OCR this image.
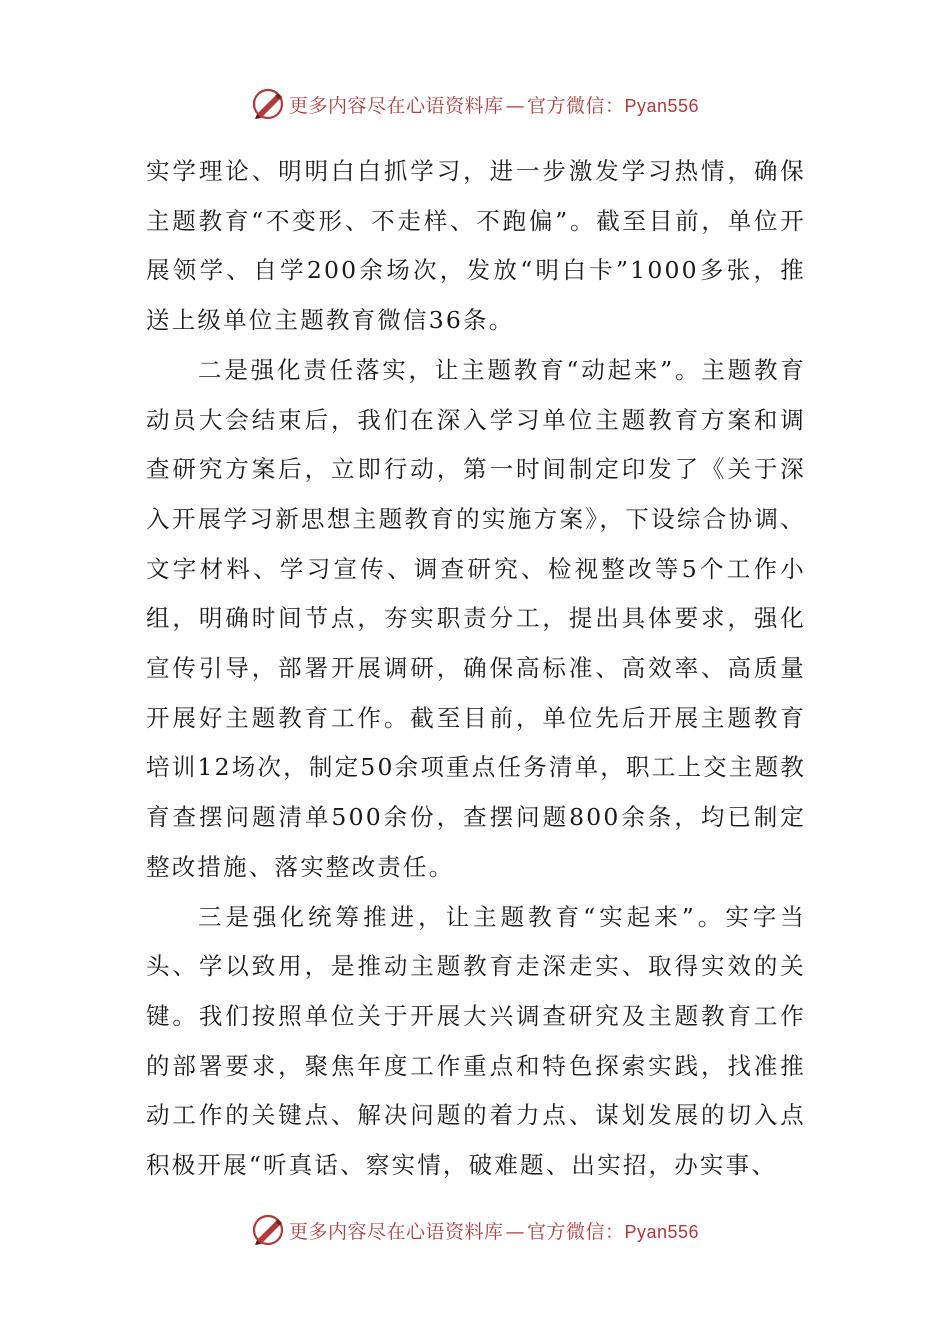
更多内容尽在心语资料库 — 官方微信：Pyan556

实学理论、明明白白抓学习，进一步激发学习热情，确保主题教育“不变形、不走样、不跑偏”。截至目前，单位开展领学、自学200余场次，发放“明白卡”1000多张，推送上级单位主题教育微信36条。

二是强化责任落实，让主题教育“动起来”。主题教育动员大会结束后，我们在深入学习单位主题教育方案和调查研究方案后，立即行动，第一时间制定印发了《关于深入开展学习新思想主题教育的实施方案》，下设综合协调、文字材料、学习宣传、调查研究、检视整改等5个工作小组，明确时间节点，夯实职责分工，提出具体要求，强化宣传引导，部署开展调研，确保高标准、高效率、高质量开展好主题教育工作。截至目前，单位先后开展主题教育培训12场次，制定50余项重点任务清单，职工上交主题教育查摆问题清单500余份，查摆问题800余条，均已制定整改措施、落实整改责任。

三是强化统筹推进，让主题教育“实起来”。实字当头、学以致用，是推动主题教育走深走实、取得实效的关键。我们按照单位关于开展大兴调查研究及主题教育工作的部署要求，聚焦年度工作重点和特色探索实践，找准推动工作的关键点、解决问题的着力点、谋划发展的切入点积极开展“听真话、察实情，破难题、出实招，办实事、

更多内容尽在心语资料库 — 官方微信：Pyan556
